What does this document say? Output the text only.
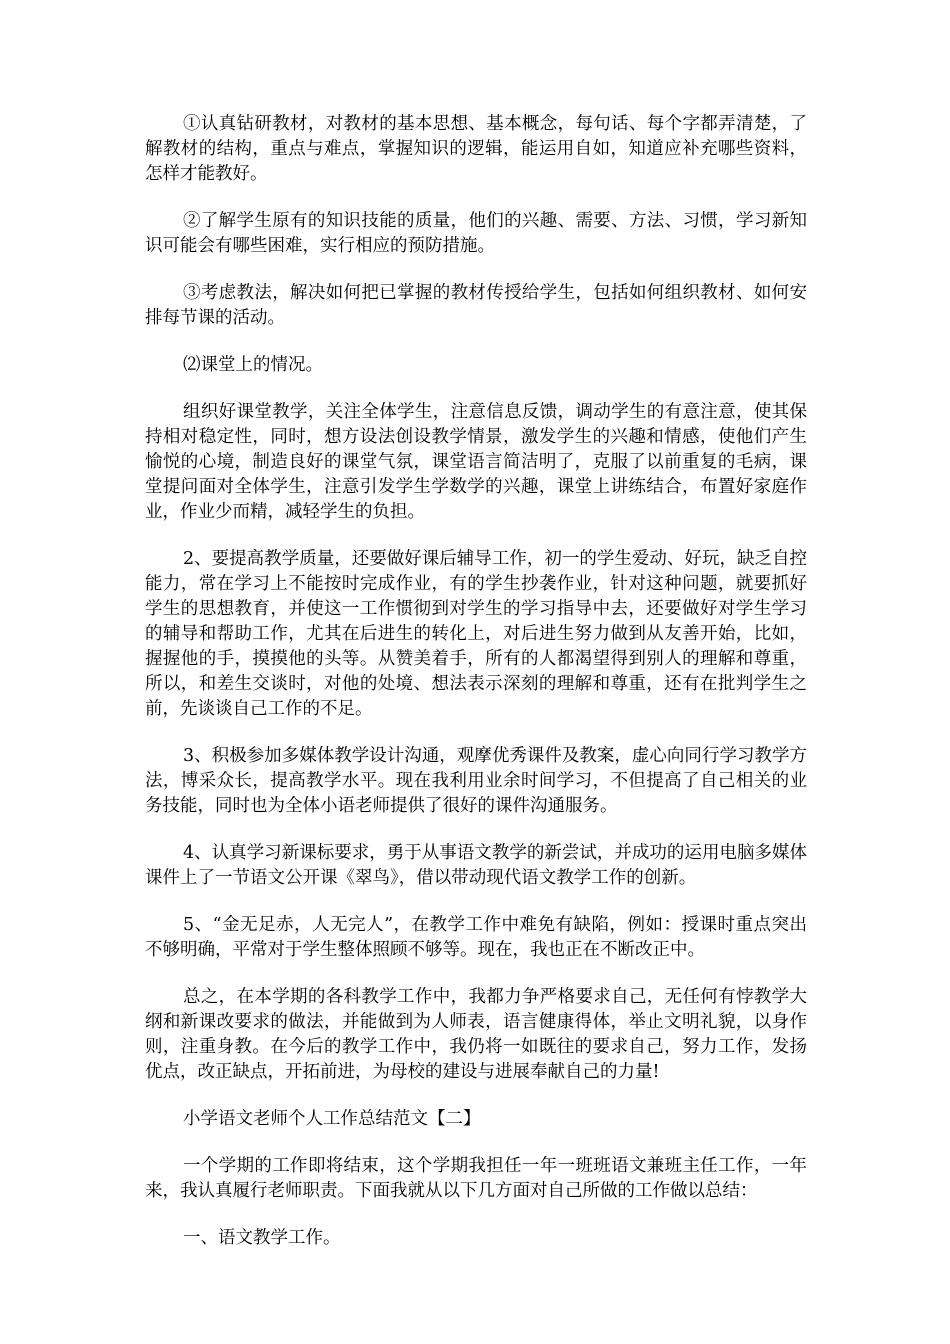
①认真钻研教材，对教材的基本思想、基本概念，每句话、每个字都弄清楚，了解教材的结构，重点与难点，掌握知识的逻辑，能运用自如，知道应补充哪些资料，怎样才能教好。

②了解学生原有的知识技能的质量，他们的兴趣、需要、方法、习惯，学习新知识可能会有哪些困难，实行相应的预防措施。

③考虑教法，解决如何把已掌握的教材传授给学生，包括如何组织教材、如何安排每节课的活动。

⑵课堂上的情况。

组织好课堂教学，关注全体学生，注意信息反馈，调动学生的有意注意，使其保持相对稳定性，同时，想方设法创设教学情景，激发学生的兴趣和情感，使他们产生愉悦的心境，制造良好的课堂气氛，课堂语言简洁明了，克服了以前重复的毛病，课堂提问面对全体学生，注意引发学生学数学的兴趣，课堂上讲练结合，布置好家庭作业，作业少而精，减轻学生的负担。

2、要提高教学质量，还要做好课后辅导工作，初一的学生爱动、好玩，缺乏自控能力，常在学习上不能按时完成作业，有的学生抄袭作业，针对这种问题，就要抓好学生的思想教育，并使这一工作惯彻到对学生的学习指导中去，还要做好对学生学习的辅导和帮助工作，尤其在后进生的转化上，对后进生努力做到从友善开始，比如，握握他的手，摸摸他的头等。从赞美着手，所有的人都渴望得到别人的理解和尊重，所以，和差生交谈时，对他的处境、想法表示深刻的理解和尊重，还有在批判学生之前，先谈谈自己工作的不足。

3、积极参加多媒体教学设计沟通，观摩优秀课件及教案，虚心向同行学习教学方法，博采众长，提高教学水平。现在我利用业余时间学习，不但提高了自己相关的业务技能，同时也为全体小语老师提供了很好的课件沟通服务。

4、认真学习新课标要求，勇于从事语文教学的新尝试，并成功的运用电脑多媒体课件上了一节语文公开课《翠鸟》，借以带动现代语文教学工作的创新。

5、“金无足赤，人无完人”，在教学工作中难免有缺陷，例如：授课时重点突出不够明确，平常对于学生整体照顾不够等。现在，我也正在不断改正中。

总之，在本学期的各科教学工作中，我都力争严格要求自己，无任何有悖教学大纲和新课改要求的做法，并能做到为人师表，语言健康得体，举止文明礼貌，以身作则，注重身教。在今后的教学工作中，我仍将一如既往的要求自己，努力工作，发扬优点，改正缺点，开拓前进，为母校的建设与进展奉献自己的力量!

小学语文老师个人工作总结范文【二】

一个学期的工作即将结束，这个学期我担任一年一班班语文兼班主任工作，一年来，我认真履行老师职责。下面我就从以下几方面对自己所做的工作做以总结：

一、语文教学工作。
